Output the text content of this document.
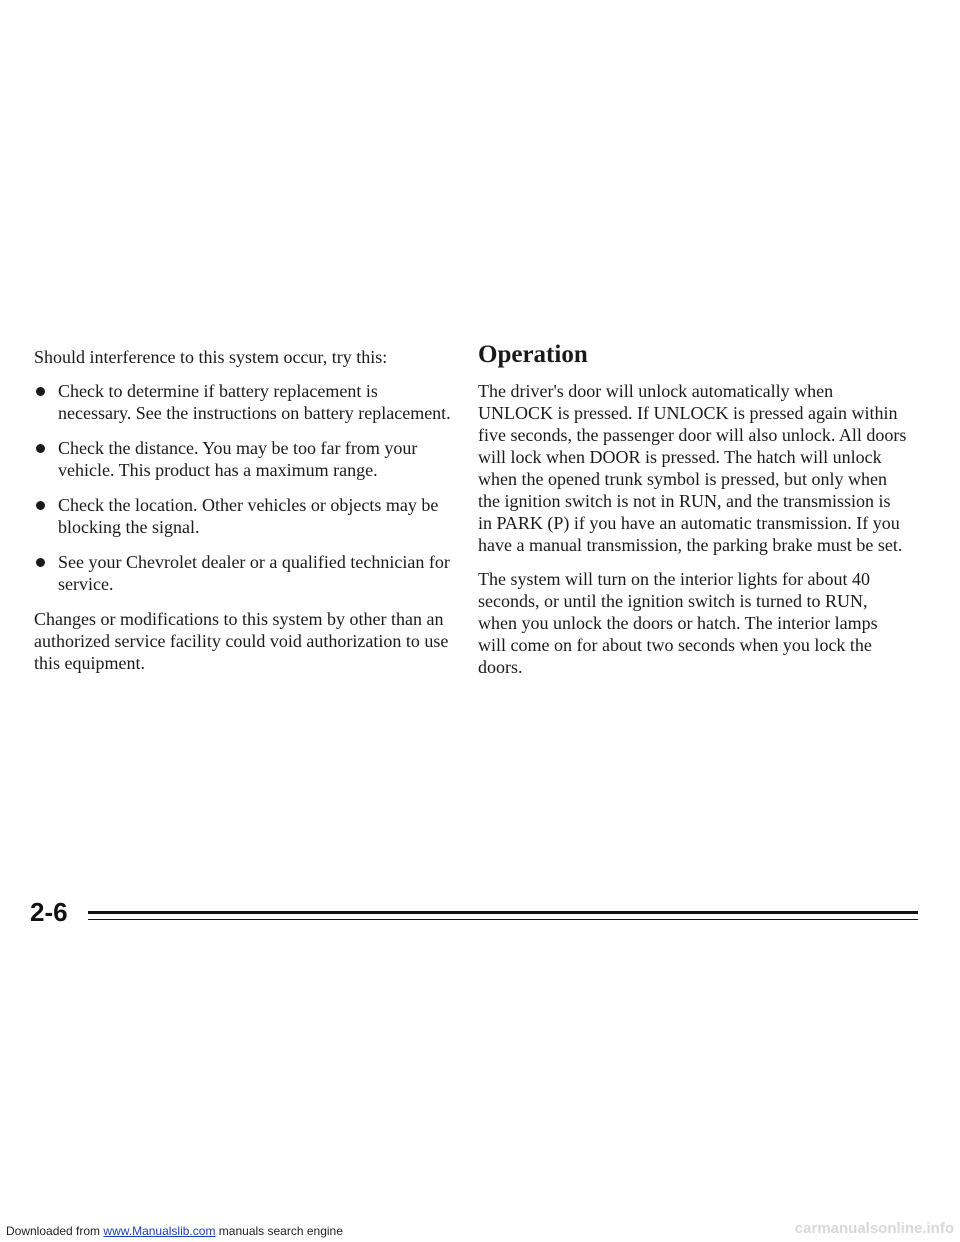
Should interference to this system occur, try this:

Check to determine if battery replacement is necessary. See the instructions on battery replacement.
Check the distance. You may be too far from your vehicle. This product has a maximum range.
Check the location. Other vehicles or objects may be blocking the signal.
See your Chevrolet dealer or a qualified technician for service.

Changes or modifications to this system by other than an authorized service facility could void authorization to use this equipment.

Operation

The driver's door will unlock automatically when UNLOCK is pressed. If UNLOCK is pressed again within five seconds, the passenger door will also unlock. All doors will lock when DOOR is pressed. The hatch will unlock when the opened trunk symbol is pressed, but only when the ignition switch is not in RUN, and the transmission is in PARK (P) if you have an automatic transmission. If you have a manual transmission, the parking brake must be set.

The system will turn on the interior lights for about 40 seconds, or until the ignition switch is turned to RUN, when you unlock the doors or hatch. The interior lamps will come on for about two seconds when you lock the doors.

2-6
Downloaded from www.Manualslib.com manuals search engine	carmanualsonline.info
